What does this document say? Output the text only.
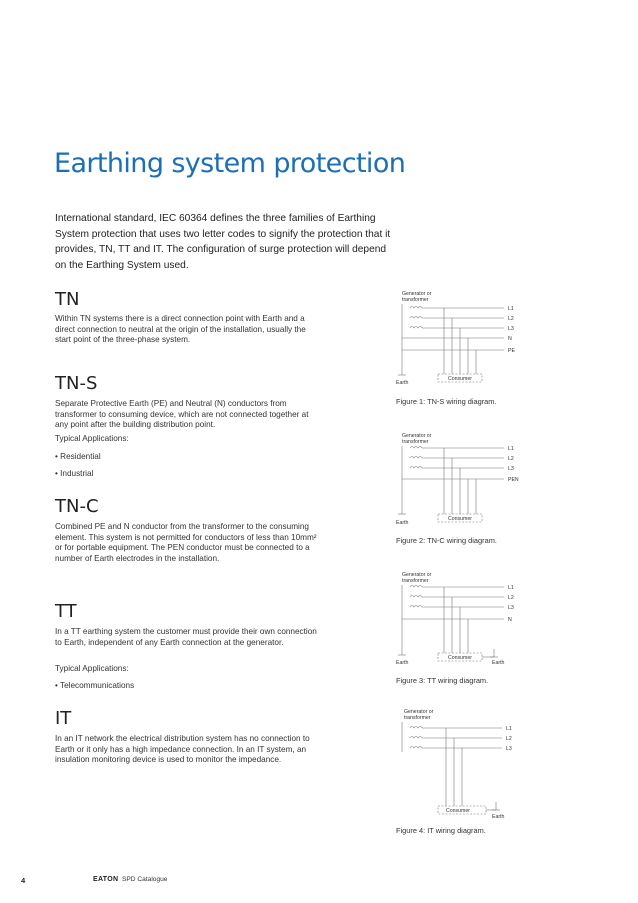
Earthing system protection

International standard, IEC 60364 defines the three families of Earthing System protection that uses two letter codes to signify the protection that it provides, TN, TT and IT. The configuration of surge protection will depend on the Earthing System used.

TN

Within TN systems there is a direct connection point with Earth and a direct connection to neutral at the origin of the installation, usually the start point of the three-phase system.

TN-S

Separate Protective Earth (PE) and Neutral (N) conductors from transformer to consuming device, which are not connected together at any point after the building distribution point.

Typical Applications:

• Residential

• Industrial

TN-C

Combined PE and N conductor from the transformer to the consuming element. This system is not permitted for conductors of less than 10mm² or for portable equipment. The PEN conductor must be connected to a number of Earth electrodes in the installation.

TT

In a TT earthing system the customer must provide their own connection to Earth, independent of any Earth connection at the generator.

Typical Applications:

• Telecommunications

IT

In an IT network the electrical distribution system has no connection to Earth or it only has a high impedance connection. In an IT system, an insulation monitoring device is used to monitor the impedance.

Generator or
transformer
L1
L2
L3
N
PE
Earth
Consumer
Figure 1: TN-S wiring diagram.
Generator or
transformer
L1
L2
L3
PEN
Earth
Consumer
Figure 2: TN-C wiring diagram.
Generator or
transformer
L1
L2
L3
N
Earth
Consumer
Earth
Figure 3: TT wiring diagram.
Generator or
transformer
L1
L2
L3
Consumer
Earth
Figure 4: IT wiring diagram.
4	EATON SPD Catalogue
